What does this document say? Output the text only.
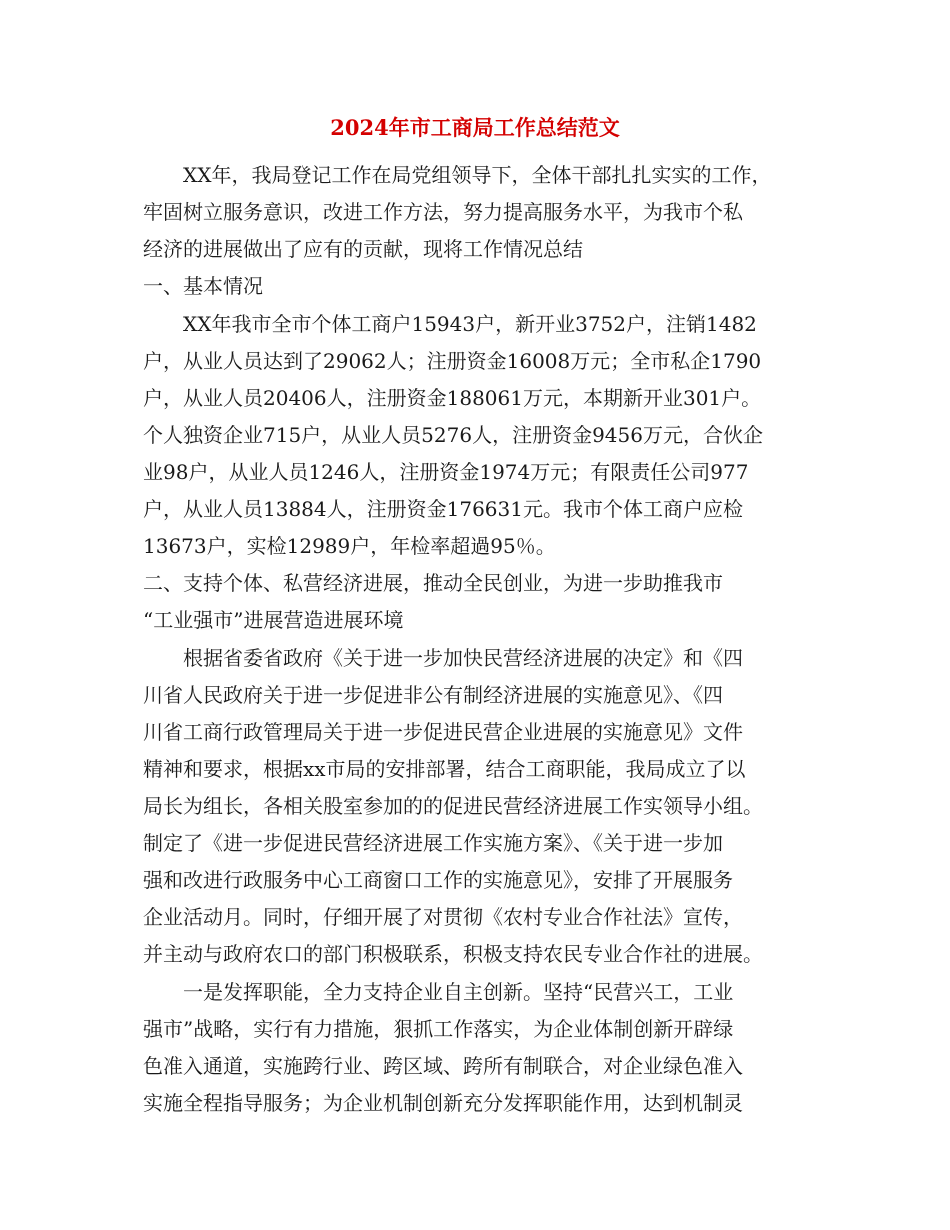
2024年市工商局工作总结范文
XX年，我局登记工作在局党组领导下，全体干部扎扎实实的工作，
牢固树立服务意识，改进工作方法，努力提高服务水平，为我市个私
经济的进展做出了应有的贡献，现将工作情况总结
一、基本情况
XX年我市全市个体工商户15943户，新开业3752户，注销1482
户，从业人员达到了29062人；注册资金16008万元；全市私企1790
户，从业人员20406人，注册资金188061万元，本期新开业301户。
个人独资企业715户，从业人员5276人，注册资金9456万元，合伙企
业98户，从业人员1246人，注册资金1974万元；有限责任公司977
户，从业人员13884人，注册资金176631元。我市个体工商户应检
13673户，实检12989户，年检率超過95％。
二、支持个体、私营经济进展，推动全民创业，为进一步助推我市
“工业强市”进展营造进展环境
根据省委省政府《关于进一步加快民营经济进展的决定》和《四
川省人民政府关于进一步促进非公有制经济进展的实施意见》、《四
川省工商行政管理局关于进一步促进民营企业进展的实施意见》文件
精神和要求，根据xx市局的安排部署，结合工商职能，我局成立了以
局长为组长，各相关股室参加的的促进民营经济进展工作实领导小组。
制定了《进一步促进民营经济进展工作实施方案》、《关于进一步加
强和改进行政服务中心工商窗口工作的实施意见》，安排了开展服务
企业活动月。同时，仔细开展了对贯彻《农村专业合作社法》宣传，
并主动与政府农口的部门积极联系，积极支持农民专业合作社的进展。
一是发挥职能，全力支持企业自主创新。坚持“民营兴工，工业
强市”战略，实行有力措施，狠抓工作落实，为企业体制创新开辟绿
色准入通道，实施跨行业、跨区域、跨所有制联合，对企业绿色准入
实施全程指导服务；为企业机制创新充分发挥职能作用，达到机制灵
